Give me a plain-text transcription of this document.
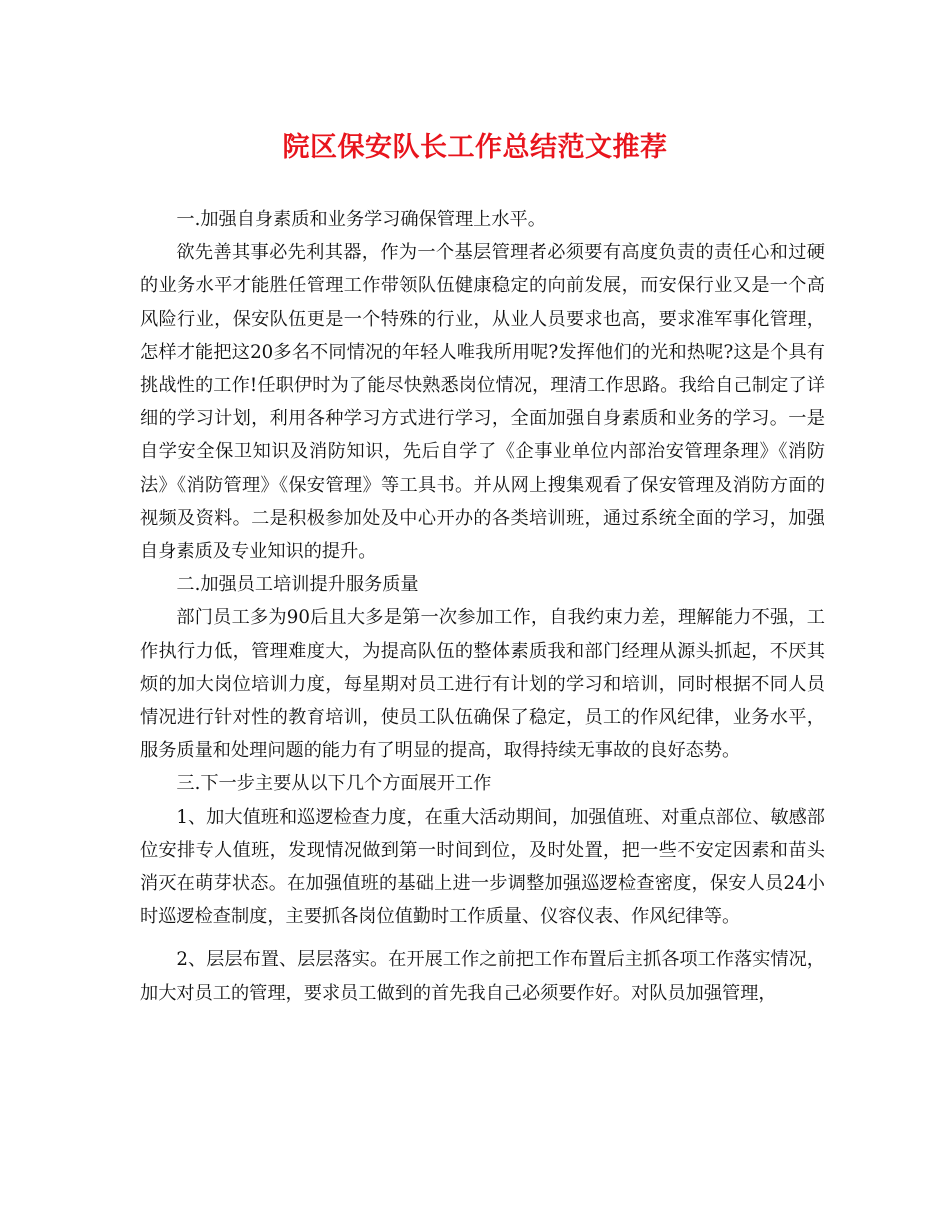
院区保安队长工作总结范文推荐

一.加强自身素质和业务学习确保管理上水平。

欲先善其事必先利其器，作为一个基层管理者必须要有高度负责的责任心和过硬的业务水平才能胜任管理工作带领队伍健康稳定的向前发展，而安保行业又是一个高风险行业，保安队伍更是一个特殊的行业，从业人员要求也高，要求准军事化管理，怎样才能把这20多名不同情况的年轻人唯我所用呢?发挥他们的光和热呢?这是个具有挑战性的工作!任职伊时为了能尽快熟悉岗位情况，理清工作思路。我给自己制定了详细的学习计划，利用各种学习方式进行学习，全面加强自身素质和业务的学习。一是自学安全保卫知识及消防知识，先后自学了《企事业单位内部治安管理条理》《消防法》《消防管理》《保安管理》等工具书。并从网上搜集观看了保安管理及消防方面的视频及资料。二是积极参加处及中心开办的各类培训班，通过系统全面的学习，加强自身素质及专业知识的提升。

二.加强员工培训提升服务质量

部门员工多为90后且大多是第一次参加工作，自我约束力差，理解能力不强，工作执行力低，管理难度大，为提高队伍的整体素质我和部门经理从源头抓起，不厌其烦的加大岗位培训力度，每星期对员工进行有计划的学习和培训，同时根据不同人员情况进行针对性的教育培训，使员工队伍确保了稳定，员工的作风纪律，业务水平，服务质量和处理问题的能力有了明显的提高，取得持续无事故的良好态势。

三.下一步主要从以下几个方面展开工作

1、加大值班和巡逻检查力度，在重大活动期间，加强值班、对重点部位、敏感部位安排专人值班，发现情况做到第一时间到位，及时处置，把一些不安定因素和苗头消灭在萌芽状态。在加强值班的基础上进一步调整加强巡逻检查密度，保安人员24小时巡逻检查制度，主要抓各岗位值勤时工作质量、仪容仪表、作风纪律等。

2、层层布置、层层落实。在开展工作之前把工作布置后主抓各项工作落实情况，加大对员工的管理，要求员工做到的首先我自己必须要作好。对队员加强管理，
